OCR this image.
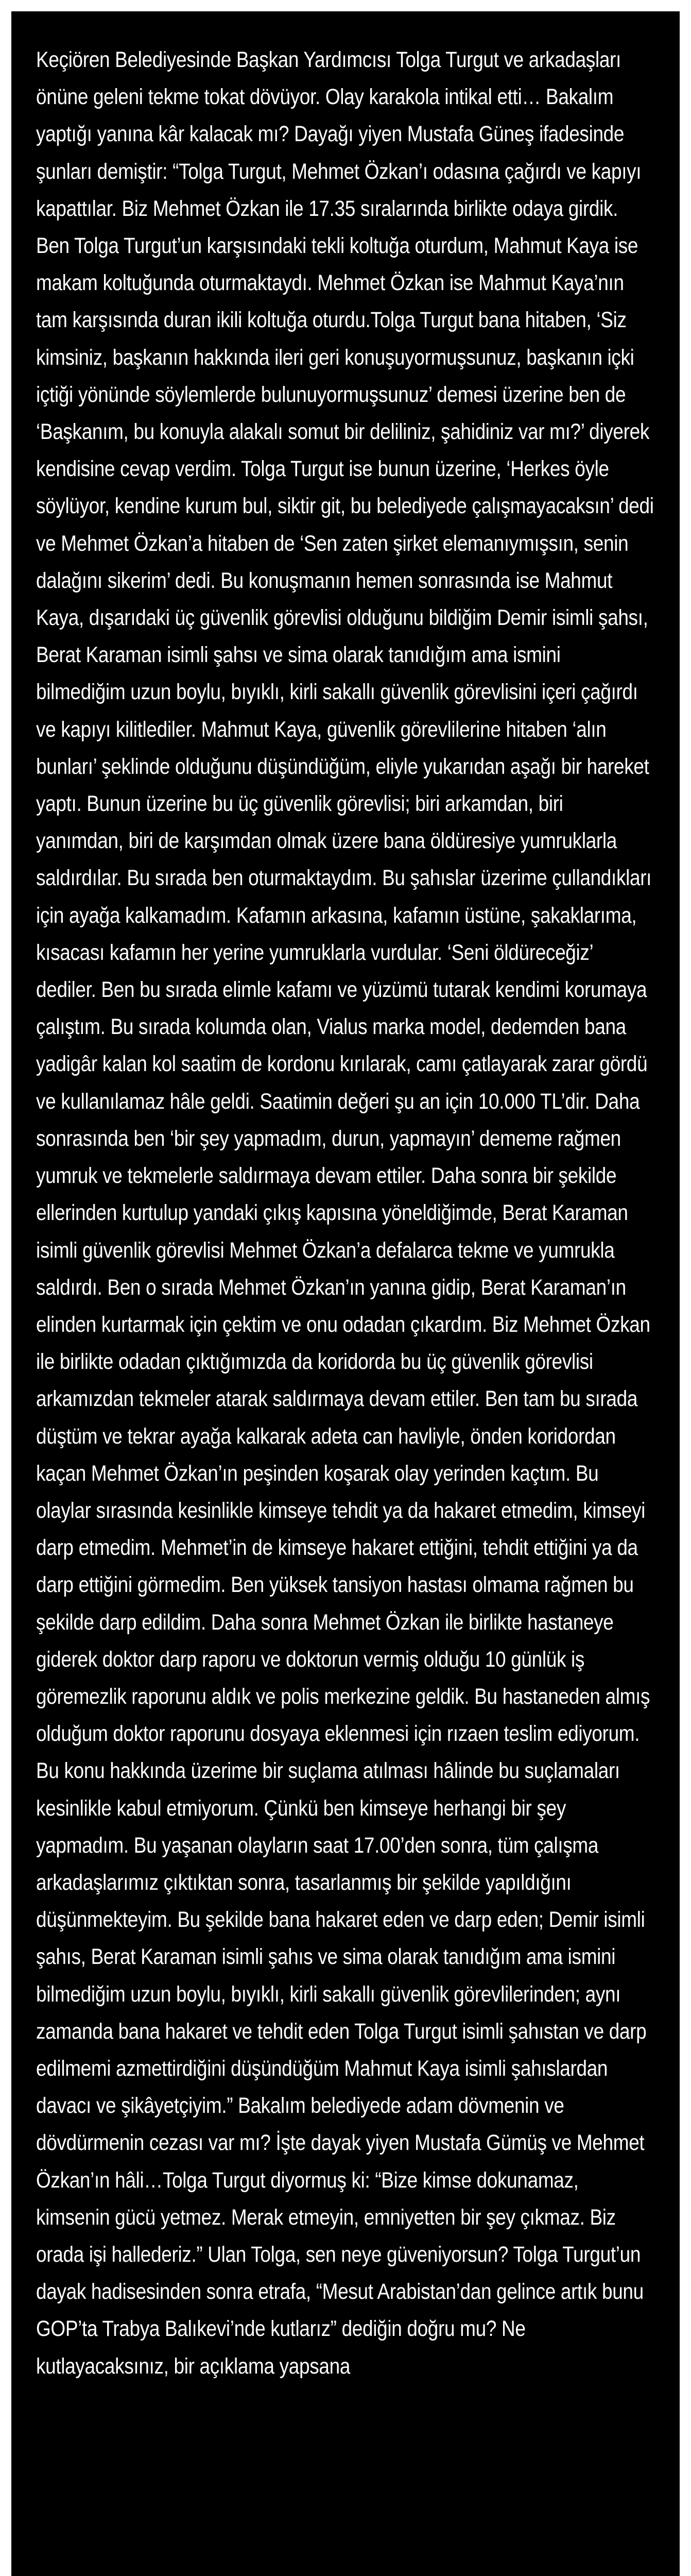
Keçiören Belediyesinde Başkan Yardımcısı Tolga Turgut ve arkadaşları önüne geleni tekme tokat dövüyor. Olay karakola intikal etti… Bakalım yaptığı yanına kâr kalacak mı? Dayağı yiyen Mustafa Güneş ifadesinde şunları demiştir: “Tolga Turgut, Mehmet Özkan’ı odasına çağırdı ve kapıyı kapattılar. Biz Mehmet Özkan ile 17.35 sıralarında birlikte odaya girdik. Ben Tolga Turgut’un karşısındaki tekli koltuğa oturdum, Mahmut Kaya ise makam koltuğunda oturmaktaydı. Mehmet Özkan ise Mahmut Kaya’nın tam karşısında duran ikili koltuğa oturdu.Tolga Turgut bana hitaben, ‘Siz kimsiniz, başkanın hakkında ileri geri konuşuyormuşsunuz, başkanın içki içtiği yönünde söylemlerde bulunuyormuşsunuz’ demesi üzerine ben de ‘Başkanım, bu konuyla alakalı somut bir deliliniz, şahidiniz var mı?’ diyerek kendisine cevap verdim. Tolga Turgut ise bunun üzerine, ‘Herkes öyle söylüyor, kendine kurum bul, siktir git, bu belediyede çalışmayacaksın’ dedi ve Mehmet Özkan’a hitaben de ‘Sen zaten şirket elemanıymışsın, senin dalağını sikerim’ dedi. Bu konuşmanın hemen sonrasında ise Mahmut Kaya, dışarıdaki üç güvenlik görevlisi olduğunu bildiğim Demir isimli şahsı, Berat Karaman isimli şahsı ve sima olarak tanıdığım ama ismini bilmediğim uzun boylu, bıyıklı, kirli sakallı güvenlik görevlisini içeri çağırdı ve kapıyı kilitlediler. Mahmut Kaya, güvenlik görevlilerine hitaben ‘alın bunları’ şeklinde olduğunu düşündüğüm, eliyle yukarıdan aşağı bir hareket yaptı. Bunun üzerine bu üç güvenlik görevlisi; biri arkamdan, biri yanımdan, biri de karşımdan olmak üzere bana öldüresiye yumruklarla saldırdılar. Bu sırada ben oturmaktaydım. Bu şahıslar üzerime çullandıkları için ayağa kalkamadım. Kafamın arkasına, kafamın üstüne, şakaklarıma, kısacası kafamın her yerine yumruklarla vurdular. ‘Seni öldüreceğiz’ dediler. Ben bu sırada elimle kafamı ve yüzümü tutarak kendimi korumaya çalıştım. Bu sırada kolumda olan, Vialus marka model, dedemden bana yadigâr kalan kol saatim de kordonu kırılarak, camı çatlayarak zarar gördü ve kullanılamaz hâle geldi. Saatimin değeri şu an için 10.000 TL’dir. Daha sonrasında ben ‘bir şey yapmadım, durun, yapmayın’ dememe rağmen yumruk ve tekmelerle saldırmaya devam ettiler. Daha sonra bir şekilde ellerinden kurtulup yandaki çıkış kapısına yöneldiğimde, Berat Karaman isimli güvenlik görevlisi Mehmet Özkan’a defalarca tekme ve yumrukla saldırdı. Ben o sırada Mehmet Özkan’ın yanına gidip, Berat Karaman’ın elinden kurtarmak için çektim ve onu odadan çıkardım. Biz Mehmet Özkan ile birlikte odadan çıktığımızda da koridorda bu üç güvenlik görevlisi arkamızdan tekmeler atarak saldırmaya devam ettiler. Ben tam bu sırada düştüm ve tekrar ayağa kalkarak adeta can havliyle, önden koridordan kaçan Mehmet Özkan’ın peşinden koşarak olay yerinden kaçtım. Bu olaylar sırasında kesinlikle kimseye tehdit ya da hakaret etmedim, kimseyi darp etmedim. Mehmet’in de kimseye hakaret ettiğini, tehdit ettiğini ya da darp ettiğini görmedim. Ben yüksek tansiyon hastası olmama rağmen bu şekilde darp edildim. Daha sonra Mehmet Özkan ile birlikte hastaneye giderek doktor darp raporu ve doktorun vermiş olduğu 10 günlük iş göremezlik raporunu aldık ve polis merkezine geldik. Bu hastaneden almış olduğum doktor raporunu dosyaya eklenmesi için rızaen teslim ediyorum. Bu konu hakkında üzerime bir suçlama atılması hâlinde bu suçlamaları kesinlikle kabul etmiyorum. Çünkü ben kimseye herhangi bir şey yapmadım. Bu yaşanan olayların saat 17.00’den sonra, tüm çalışma arkadaşlarımız çıktıktan sonra, tasarlanmış bir şekilde yapıldığını düşünmekteyim. Bu şekilde bana hakaret eden ve darp eden; Demir isimli şahıs, Berat Karaman isimli şahıs ve sima olarak tanıdığım ama ismini bilmediğim uzun boylu, bıyıklı, kirli sakallı güvenlik görevlilerinden; aynı zamanda bana hakaret ve tehdit eden Tolga Turgut isimli şahıstan ve darp edilmemi azmettirdiğini düşündüğüm Mahmut Kaya isimli şahıslardan davacı ve şikâyetçiyim.” Bakalım belediyede adam dövmenin ve dövdürmenin cezası var mı? İşte dayak yiyen Mustafa Gümüş ve Mehmet Özkan’ın hâli…Tolga Turgut diyormuş ki: “Bize kimse dokunamaz, kimsenin gücü yetmez. Merak etmeyin, emniyetten bir şey çıkmaz. Biz orada işi hallederiz.” Ulan Tolga, sen neye güveniyorsun? Tolga Turgut’un dayak hadisesinden sonra etrafa, “Mesut Arabistan’dan gelince artık bunu GOP’ta Trabya Balıkevi’nde kutlarız” dediğin doğru mu? Ne kutlayacaksınız, bir açıklama yapsana
